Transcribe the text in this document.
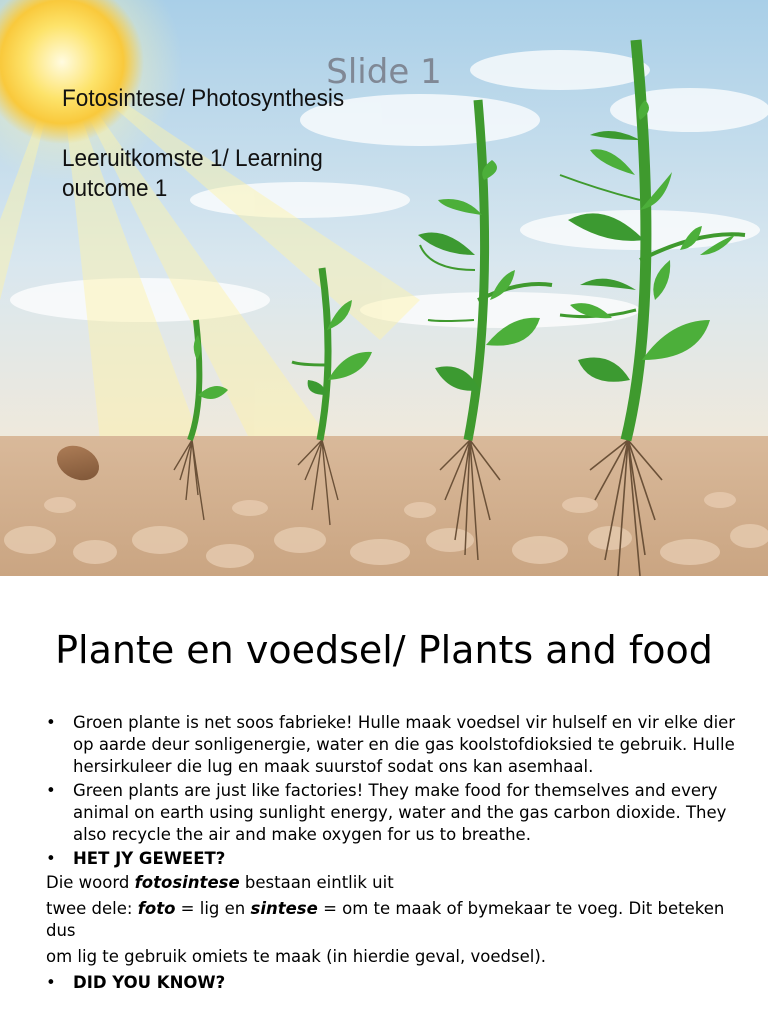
Slide 1
Fotosintese/ Photosynthesis
Leeruitkomste 1/ Learning outcome 1
Plante en voedsel/ Plants and food
• Groen plante is net soos fabrieke! Hulle maak voedsel vir hulself en vir elke dier op aarde deur sonligenergie, water en die gas koolstofdioksied te gebruik. Hulle hersirkuleer die lug en maak suurstof sodat ons kan asemhaal.
• Green plants are just like factories! They make food for themselves and every animal on earth using sunlight energy, water and the gas carbon dioxide. They also recycle the air and make oxygen for us to breathe.
• HET JY GEWEET?
Die woord fotosintese bestaan eintlik uit
twee dele: foto = lig en sintese = om te maak of bymekaar te voeg. Dit beteken dus
om lig te gebruik omiets te maak (in hierdie geval, voedsel).
• DID YOU KNOW?
